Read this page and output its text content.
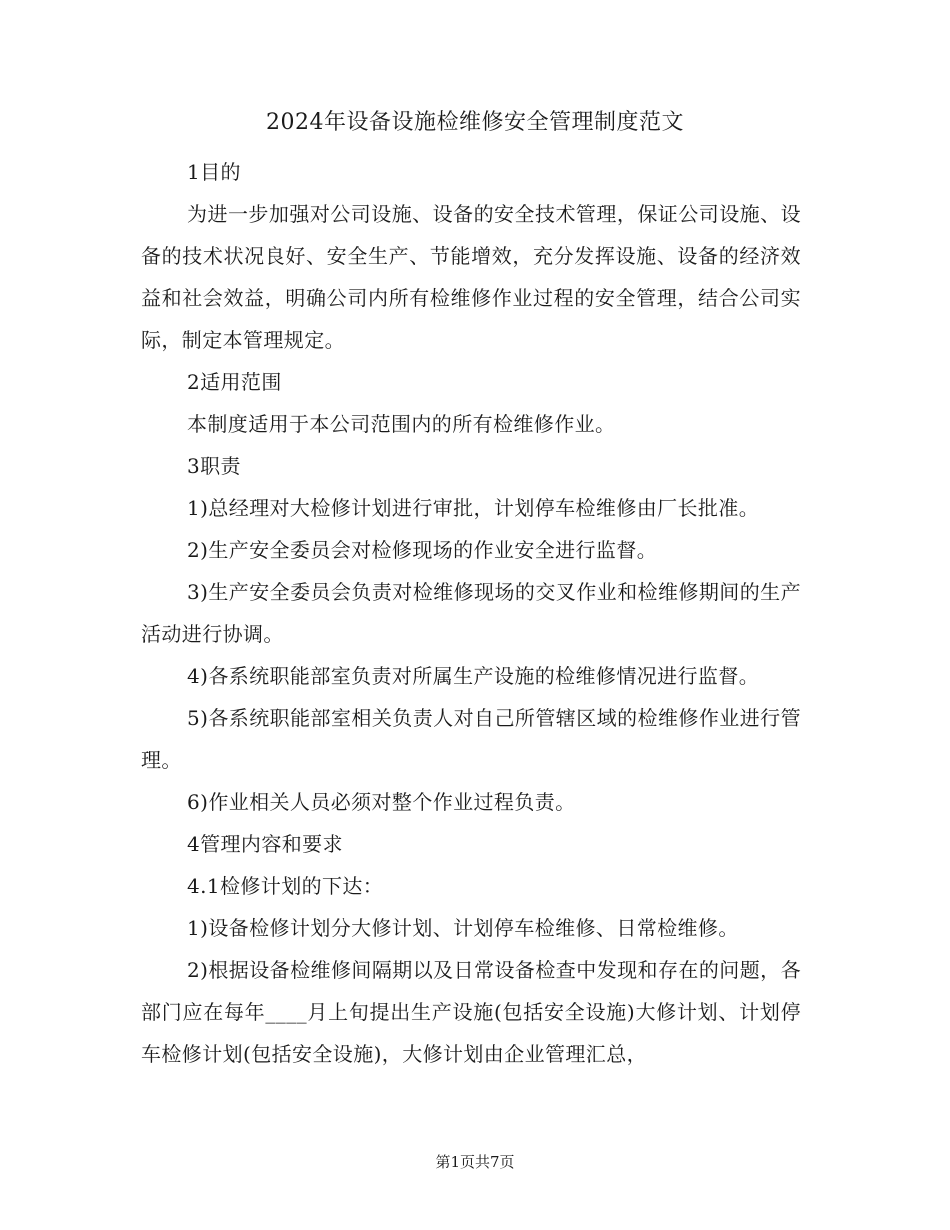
2024年设备设施检维修安全管理制度范文

1目的

为进一步加强对公司设施、设备的安全技术管理，保证公司设施、设备的技术状况良好、安全生产、节能增效，充分发挥设施、设备的经济效益和社会效益，明确公司内所有检维修作业过程的安全管理，结合公司实际，制定本管理规定。

2适用范围

本制度适用于本公司范围内的所有检维修作业。

3职责

1)总经理对大检修计划进行审批，计划停车检维修由厂长批准。

2)生产安全委员会对检修现场的作业安全进行监督。

3)生产安全委员会负责对检维修现场的交叉作业和检维修期间的生产活动进行协调。

4)各系统职能部室负责对所属生产设施的检维修情况进行监督。

5)各系统职能部室相关负责人对自己所管辖区域的检维修作业进行管理。

6)作业相关人员必须对整个作业过程负责。

4管理内容和要求

4.1检修计划的下达：

1)设备检修计划分大修计划、计划停车检维修、日常检维修。

2)根据设备检维修间隔期以及日常设备检查中发现和存在的问题，各部门应在每年____月上旬提出生产设施(包括安全设施)大修计划、计划停车检修计划(包括安全设施)，大修计划由企业管理汇总，

第1页共7页
